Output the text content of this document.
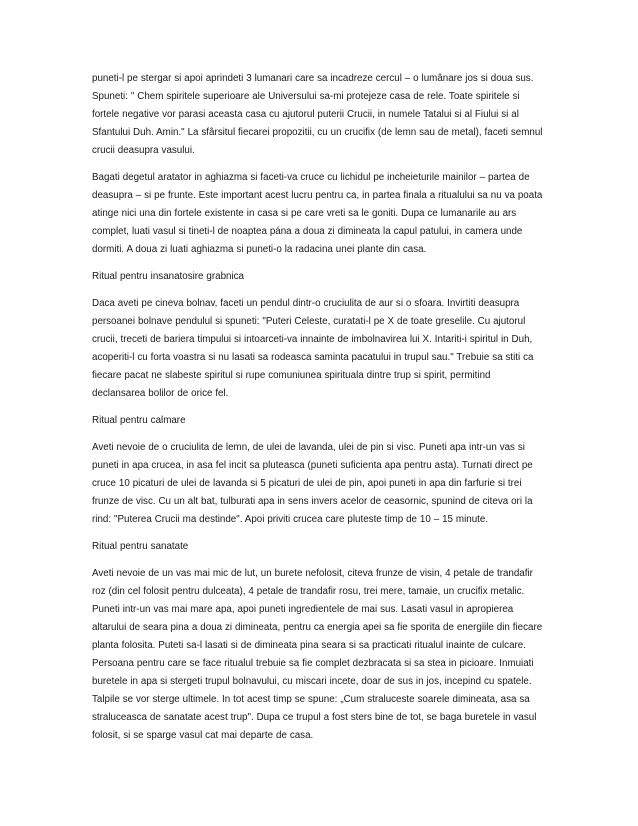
puneti-l pe stergar si apoi aprindeti 3 lumanari care sa incadreze cercul – o lumânare jos si doua sus. Spuneti: " Chem spiritele superioare ale Universului sa-mi protejeze casa de rele. Toate spiritele si fortele negative vor parasi aceasta casa cu ajutorul puterii Crucii, in numele Tatalui si al Fiului si al Sfantului Duh. Amin." La sfârsitul fiecarei propozitii, cu un crucifix (de lemn sau de metal), faceti semnul crucii deasupra vasului.

Bagati degetul aratator in aghiazma si faceti-va cruce cu lichidul pe incheieturile mainilor – partea de deasupra – si pe frunte. Este important acest lucru pentru ca, in partea finala a ritualului sa nu va poata atinge nici una din fortele existente in casa si pe care vreti sa le goniti. Dupa ce lumanarile au ars complet, luati vasul si tineti-l de noaptea pána a doua zi dimineata la capul patului, in camera unde dormiti. A doua zi luati aghiazma si puneti-o la radacina unei plante din casa.

Ritual pentru insanatosire grabnica

Daca aveti pe cineva bolnav, faceti un pendul dintr-o cruciulita de aur si o sfoara. Invirtiti deasupra persoanei bolnave pendulul si spuneti: "Puteri Celeste, curatati-l pe X de toate greselile. Cu ajutorul crucii, treceti de bariera timpului si intoarceti-va innainte de imbolnavirea lui X. Intariti-i spiritul in Duh, acoperiti-l cu forta voastra si nu lasati sa rodeasca saminta pacatului in trupul sau." Trebuie sa stiti ca fiecare pacat ne slabeste spiritul si rupe comuniunea spirituala dintre trup si spirit, permitind declansarea bolilor de orice fel.

Ritual pentru calmare

Aveti nevoie de o cruciulita de lemn, de ulei de lavanda, ulei de pin si visc. Puneti apa intr-un vas si puneti in apa crucea, in asa fel incit sa pluteasca (puneti suficienta apa pentru asta). Turnati direct pe cruce 10 picaturi de ulei de lavanda si 5 picaturi de ulei de pin, apoi puneti in apa din farfurie si trei frunze de visc. Cu un alt bat, tulburati apa in sens invers acelor de ceasornic, spunind de citeva ori la rind: "Puterea Crucii ma destinde". Apoi priviti crucea care pluteste timp de 10 – 15 minute.

Ritual pentru sanatate

Aveti nevoie de un vas mai mic de lut, un burete nefolosit, citeva frunze de visin, 4 petale de trandafir roz (din cel folosit pentru dulceata), 4 petale de trandafir rosu, trei mere, tamaie, un crucifix metalic. Puneti intr-un vas mai mare apa, apoi puneti ingredientele de mai sus. Lasati vasul in apropierea altarului de seara pina a doua zi dimineata, pentru ca energia apei sa fie sporita de energiile din fiecare planta folosita. Puteti sa-l lasati si de dimineata pina seara si sa practicati ritualul inainte de culcare. Persoana pentru care se face ritualul trebuie sa fie complet dezbracata si sa stea in picioare. Inmuiati buretele in apa si stergeti trupul bolnavului, cu miscari incete, doar de sus in jos, incepind cu spatele. Talpile se vor sterge ultimele. In tot acest timp se spune: „Cum straluceste soarele dimineata, asa sa straluceasca de sanatate acest trup". Dupa ce trupul a fost sters bine de tot, se baga buretele in vasul folosit, si se sparge vasul cat mai departe de casa.
